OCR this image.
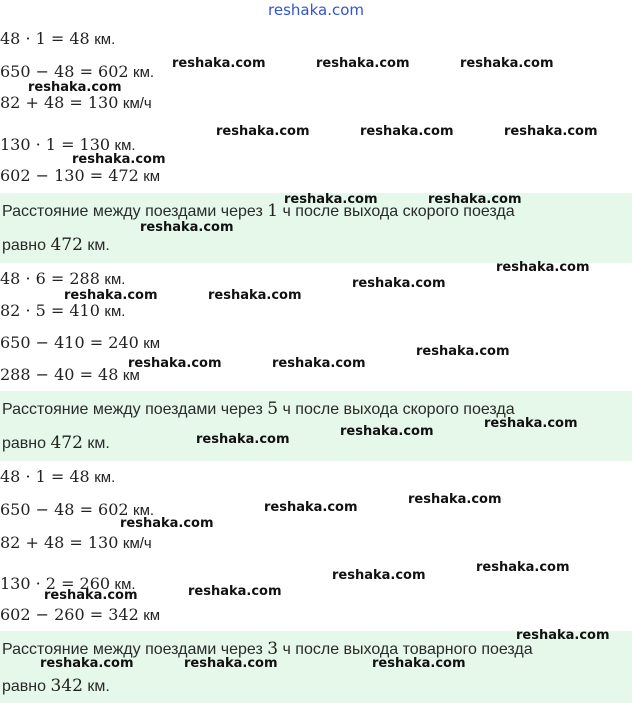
reshaka.com
48 · 1 = 48 км.
650 − 48 = 602 км.
82 + 48 = 130 км/ч
130 · 1 = 130 км.
602 − 130 = 472 км
Расстояние между поездами через 1 ч после выхода скорого поезда
равно 472 км.
48 · 6 = 288 км.
82 · 5 = 410 км.
650 − 410 = 240 км
288 − 40 = 48 км
Расстояние между поездами через 5 ч после выхода скорого поезда
равно 472 км.
48 · 1 = 48 км.
650 − 48 = 602 км.
82 + 48 = 130 км/ч
130 · 2 = 260 км.
602 − 260 = 342 км
Расстояние между поездами через 3 ч после выхода товарного поезда
равно 342 км.
reshaka.com	reshaka.com	reshaka.com
reshaka.com
reshaka.com	reshaka.com	reshaka.com
reshaka.com
reshaka.com	reshaka.com
reshaka.com
reshaka.com
reshaka.com
reshaka.com	reshaka.com
reshaka.com
reshaka.com	reshaka.com
reshaka.com
reshaka.com
reshaka.com
reshaka.com
reshaka.com
reshaka.com
reshaka.com
reshaka.com
reshaka.com
reshaka.com
reshaka.com
reshaka.com	reshaka.com	reshaka.com
